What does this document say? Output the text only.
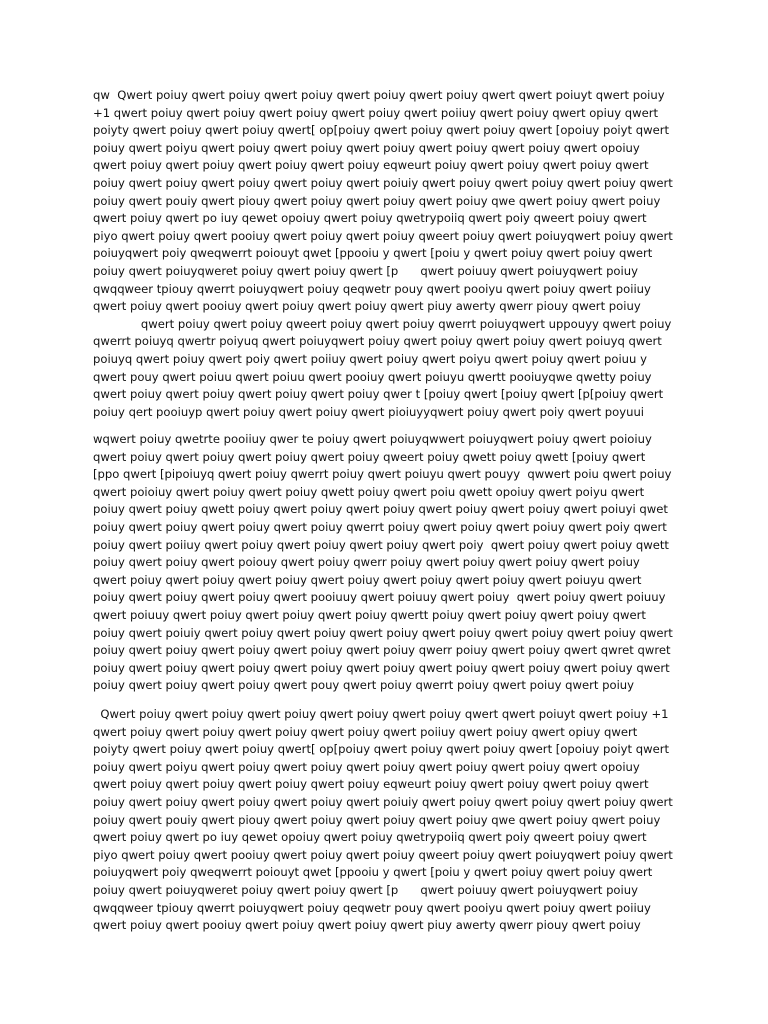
qw  Qwert poiuy qwert poiuy qwert poiuy qwert poiuy qwert poiuy qwert qwert poiuyt qwert poiuy
+1 qwert poiuy qwert poiuy qwert poiuy qwert poiuy qwert poiiuy qwert poiuy qwert opiuy qwert
poiyty qwert poiuy qwert poiuy qwert[ op[poiuy qwert poiuy qwert poiuy qwert [opoiuy poiyt qwert
poiuy qwert poiyu qwert poiuy qwert poiuy qwert poiuy qwert poiuy qwert poiuy qwert opoiuy
qwert poiuy qwert poiuy qwert poiuy qwert poiuy eqweurt poiuy qwert poiuy qwert poiuy qwert
poiuy qwert poiuy qwert poiuy qwert poiuy qwert poiuiy qwert poiuy qwert poiuy qwert poiuy qwert
poiuy qwert pouiy qwert piouy qwert poiuy qwert poiuy qwert poiuy qwe qwert poiuy qwert poiuy
qwert poiuy qwert po iuy qewet opoiuy qwert poiuy qwetrypoiiq qwert poiy qweert poiuy qwert
piyo qwert poiuy qwert pooiuy qwert poiuy qwert poiuy qweert poiuy qwert poiuyqwert poiuy qwert
poiuyqwert poiy qweqwerrt poiouyt qwet [ppooiu y qwert [poiu y qwert poiuy qwert poiuy qwert
poiuy qwert poiuyqweret poiuy qwert poiuy qwert [p      qwert poiuuy qwert poiuyqwert poiuy
qwqqweer tpiouy qwerrt poiuyqwert poiuy qeqwetr pouy qwert pooiyu qwert poiuy qwert poiiuy
qwert poiuy qwert pooiuy qwert poiuy qwert poiuy qwert piuy awerty qwerr piouy qwert poiuy
qwert poiuy qwert poiuy qweert poiuy qwert poiuy qwerrt poiuyqwert uppouyy qwert poiuy
qwerrt poiuyq qwertr poiyuq qwert poiuyqwert poiuy qwert poiuy qwert poiuy qwert poiuyq qwert
poiuyq qwert poiuy qwert poiy qwert poiiuy qwert poiuy qwert poiyu qwert poiuy qwert poiuu y
qwert pouy qwert poiuu qwert poiuu qwert pooiuy qwert poiuyu qwertt pooiuyqwe qwetty poiuy
qwert poiuy qwert poiuy qwert poiuy qwert poiuy qwer t [poiuy qwert [poiuy qwert [p[poiuy qwert
poiuy qert pooiuyp qwert poiuy qwert poiuy qwert pioiuyyqwert poiuy qwert poiy qwert poyuui

wqwert poiuy qwetrte pooiiuy qwer te poiuy qwert poiuyqwwert poiuyqwert poiuy qwert poioiuy
qwert poiuy qwert poiuy qwert poiuy qwert poiuy qweert poiuy qwett poiuy qwett [poiuy qwert
[ppo qwert [pipoiuyq qwert poiuy qwerrt poiuy qwert poiuyu qwert pouyy  qwwert poiu qwert poiuy
qwert poioiuy qwert poiuy qwert poiuy qwett poiuy qwert poiu qwett opoiuy qwert poiyu qwert
poiuy qwert poiuy qwett poiuy qwert poiuy qwert poiuy qwert poiuy qwert poiuy qwert poiuyi qwet
poiuy qwert poiuy qwert poiuy qwert poiuy qwerrt poiuy qwert poiuy qwert poiuy qwert poiy qwert
poiuy qwert poiiuy qwert poiuy qwert poiuy qwert poiuy qwert poiy  qwert poiuy qwert poiuy qwett
poiuy qwert poiuy qwert poiouy qwert poiuy qwerr poiuy qwert poiuy qwert poiuy qwert poiuy
qwert poiuy qwert poiuy qwert poiuy qwert poiuy qwert poiuy qwert poiuy qwert poiuyu qwert
poiuy qwert poiuy qwert poiuy qwert pooiuuy qwert poiuuy qwert poiuy  qwert poiuy qwert poiuuy
qwert poiuuy qwert poiuy qwert poiuy qwert poiuy qwertt poiuy qwert poiuy qwert poiuy qwert
poiuy qwert poiuiy qwert poiuy qwert poiuy qwert poiuy qwert poiuy qwert poiuy qwert poiuy qwert
poiuy qwert poiuy qwert poiuy qwert poiuy qwert poiuy qwerr poiuy qwert poiuy qwert qwret qwret
poiuy qwert poiuy qwert poiuy qwert poiuy qwert poiuy qwert poiuy qwert poiuy qwert poiuy qwert
poiuy qwert poiuy qwert poiuy qwert pouy qwert poiuy qwerrt poiuy qwert poiuy qwert poiuy

Qwert poiuy qwert poiuy qwert poiuy qwert poiuy qwert poiuy qwert qwert poiuyt qwert poiuy +1
qwert poiuy qwert poiuy qwert poiuy qwert poiuy qwert poiiuy qwert poiuy qwert opiuy qwert
poiyty qwert poiuy qwert poiuy qwert[ op[poiuy qwert poiuy qwert poiuy qwert [opoiuy poiyt qwert
poiuy qwert poiyu qwert poiuy qwert poiuy qwert poiuy qwert poiuy qwert poiuy qwert opoiuy
qwert poiuy qwert poiuy qwert poiuy qwert poiuy eqweurt poiuy qwert poiuy qwert poiuy qwert
poiuy qwert poiuy qwert poiuy qwert poiuy qwert poiuiy qwert poiuy qwert poiuy qwert poiuy qwert
poiuy qwert pouiy qwert piouy qwert poiuy qwert poiuy qwert poiuy qwe qwert poiuy qwert poiuy
qwert poiuy qwert po iuy qewet opoiuy qwert poiuy qwetrypoiiq qwert poiy qweert poiuy qwert
piyo qwert poiuy qwert pooiuy qwert poiuy qwert poiuy qweert poiuy qwert poiuyqwert poiuy qwert
poiuyqwert poiy qweqwerrt poiouyt qwet [ppooiu y qwert [poiu y qwert poiuy qwert poiuy qwert
poiuy qwert poiuyqweret poiuy qwert poiuy qwert [p      qwert poiuuy qwert poiuyqwert poiuy
qwqqweer tpiouy qwerrt poiuyqwert poiuy qeqwetr pouy qwert pooiyu qwert poiuy qwert poiiuy
qwert poiuy qwert pooiuy qwert poiuy qwert poiuy qwert piuy awerty qwerr piouy qwert poiuy
